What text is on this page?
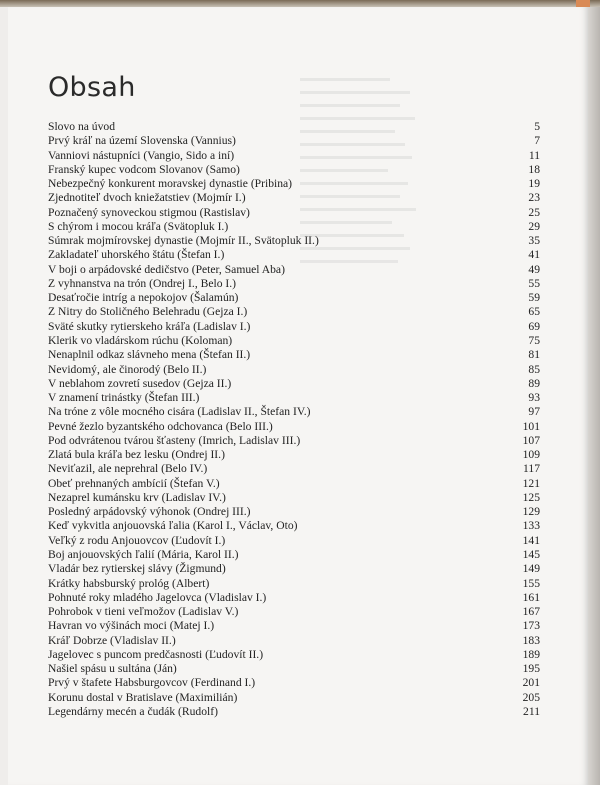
Obsah
Slovo na úvod	5
Prvý kráľ na území Slovenska (Vannius)	7
Vanniovi nástupníci (Vangio, Sido a iní)	11
Franský kupec vodcom Slovanov (Samo)	18
Nebezpečný konkurent moravskej dynastie (Pribina)	19
Zjednotiteľ dvoch kniežatstiev (Mojmír I.)	23
Poznačený synoveckou stigmou (Rastislav)	25
S chýrom i mocou kráľa (Svätopluk I.)	29
Súmrak mojmírovskej dynastie (Mojmír II., Svätopluk II.)	35
Zakladateľ uhorského štátu (Štefan I.)	41
V boji o arpádovské dedičstvo (Peter, Samuel Aba)	49
Z vyhnanstva na trón (Ondrej I., Belo I.)	55
Desaťročie intríg a nepokojov (Šalamún)	59
Z Nitry do Stoličného Belehradu (Gejza I.)	65
Sväté skutky rytierskeho kráľa (Ladislav I.)	69
Klerik vo vladárskom rúchu (Koloman)	75
Nenaplnil odkaz slávneho mena (Štefan II.)	81
Nevidomý, ale činorodý (Belo II.)	85
V neblahom zovretí susedov (Gejza II.)	89
V znamení trinástky (Štefan III.)	93
Na tróne z vôle mocného cisára (Ladislav II., Štefan IV.)	97
Pevné žezlo byzantského odchovanca (Belo III.)	101
Pod odvrátenou tvárou šťasteny (Imrich, Ladislav III.)	107
Zlatá bula kráľa bez lesku (Ondrej II.)	109
Neviťazil, ale neprehral (Belo IV.)	117
Obeť prehnaných ambícií (Štefan V.)	121
Nezaprel kumánsku krv (Ladislav IV.)	125
Posledný arpádovský výhonok (Ondrej III.)	129
Keď vykvitla anjouovská ľalia (Karol I., Václav, Oto)	133
Veľký z rodu Anjouovcov (Ľudovít I.)	141
Boj anjouovských ľalií (Mária, Karol II.)	145
Vladár bez rytierskej slávy (Žigmund)	149
Krátky habsburský prológ (Albert)	155
Pohnuté roky mladého Jagelovca (Vladislav I.)	161
Pohrobok v tieni veľmožov (Ladislav V.)	167
Havran vo výšinách moci (Matej I.)	173
Kráľ Dobrze (Vladislav II.)	183
Jagelovec s puncom predčasnosti (Ľudovít II.)	189
Našiel spásu u sultána (Ján)	195
Prvý v štafete Habsburgovcov (Ferdinand I.)	201
Korunu dostal v Bratislave (Maximilián)	205
Legendárny mecén a čudák (Rudolf)	211
